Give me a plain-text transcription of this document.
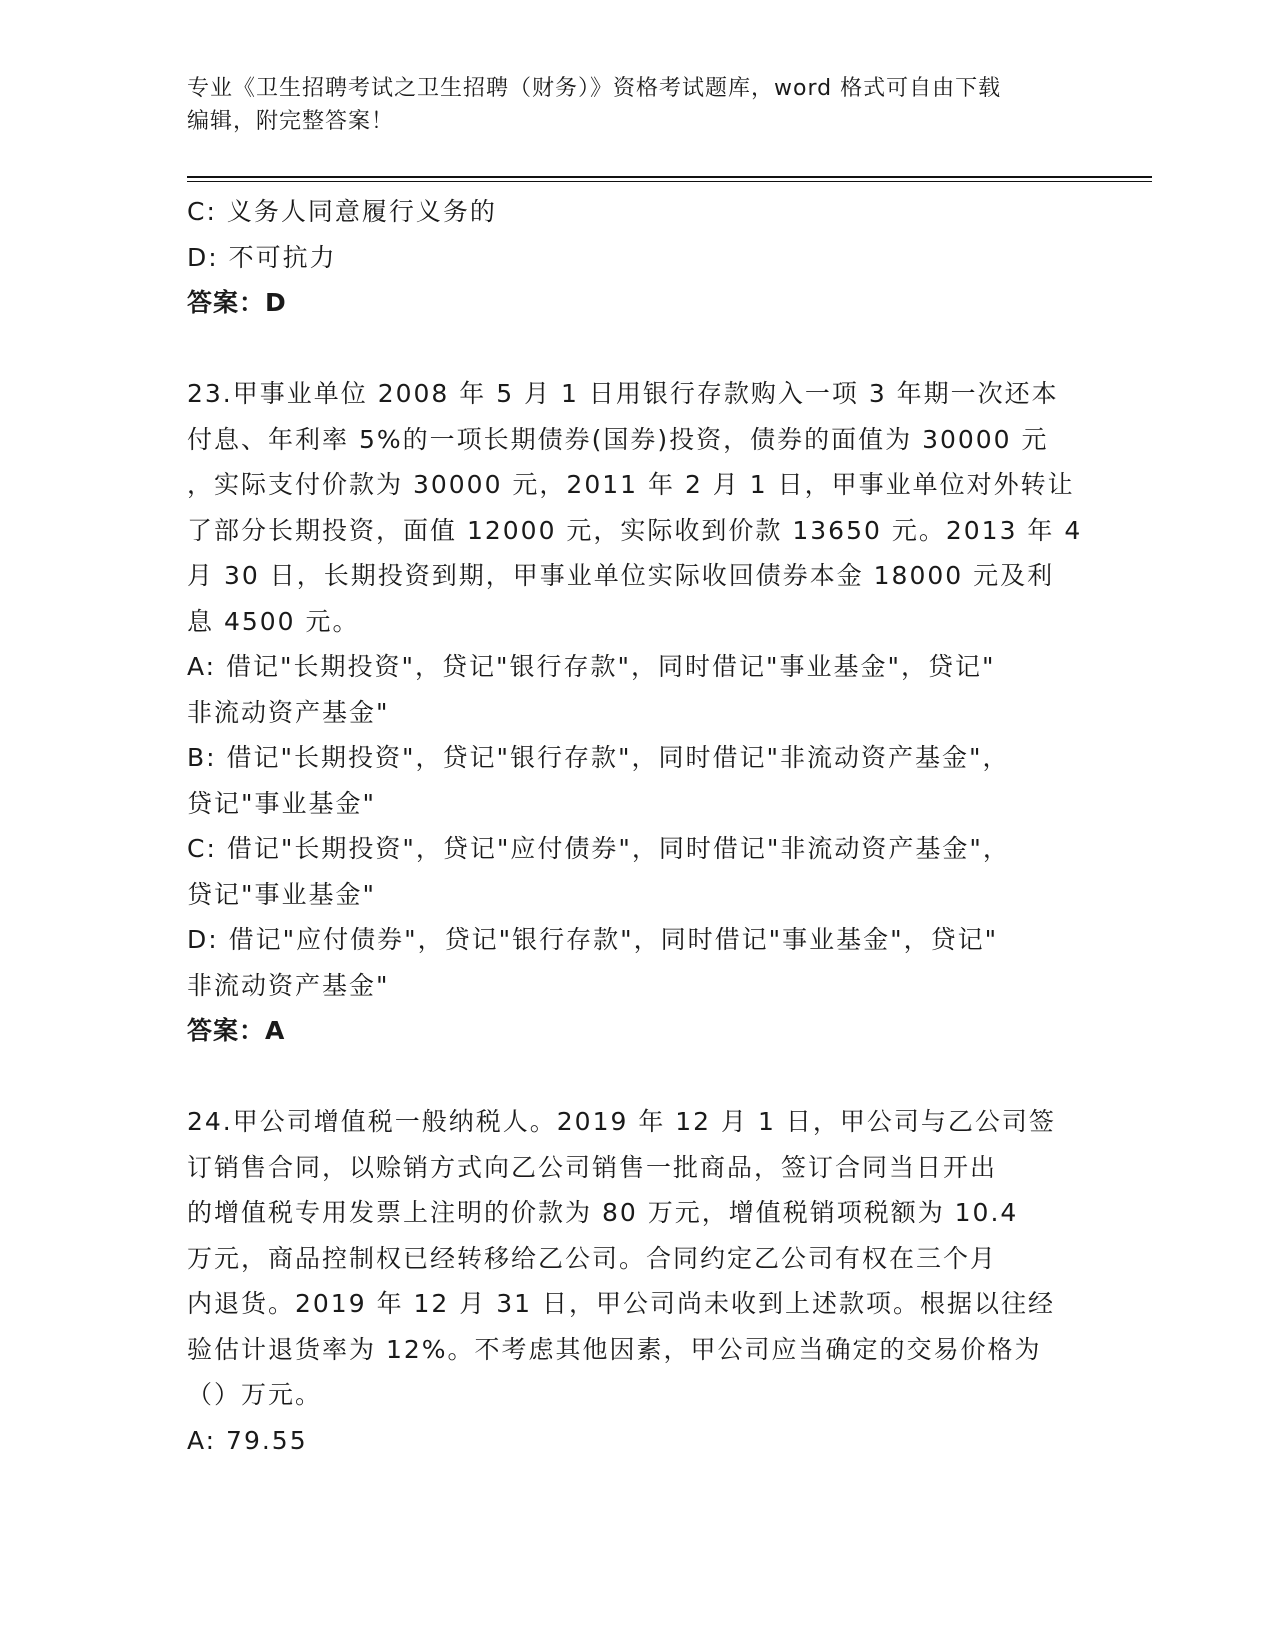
专业《卫生招聘考试之卫生招聘（财务）》资格考试题库，word 格式可自由下载
编辑，附完整答案！
C: 义务人同意履行义务的
D: 不可抗力
答案：D
23.甲事业单位 2008 年 5 月 1 日用银行存款购入一项 3 年期一次还本
付息、年利率 5%的一项长期债券(国券)投资，债券的面值为 30000 元
，实际支付价款为 30000 元，2011 年 2 月 1 日，甲事业单位对外转让
了部分长期投资，面值 12000 元，实际收到价款 13650 元。2013 年 4
月 30 日，长期投资到期，甲事业单位实际收回债券本金 18000 元及利
息 4500 元。
A: 借记"长期投资"，贷记"银行存款"，同时借记"事业基金"，贷记"
非流动资产基金"
B: 借记"长期投资"，贷记"银行存款"，同时借记"非流动资产基金"，
贷记"事业基金"
C: 借记"长期投资"，贷记"应付债券"，同时借记"非流动资产基金"，
贷记"事业基金"
D: 借记"应付债券"，贷记"银行存款"，同时借记"事业基金"，贷记"
非流动资产基金"
答案：A
24.甲公司增值税一般纳税人。2019 年 12 月 1 日，甲公司与乙公司签
订销售合同，以赊销方式向乙公司销售一批商品，签订合同当日开出
的增值税专用发票上注明的价款为 80 万元，增值税销项税额为 10.4
万元，商品控制权已经转移给乙公司。合同约定乙公司有权在三个月
内退货。2019 年 12 月 31 日，甲公司尚未收到上述款项。根据以往经
验估计退货率为 12%。不考虑其他因素，甲公司应当确定的交易价格为
（）万元。
A: 79.55
